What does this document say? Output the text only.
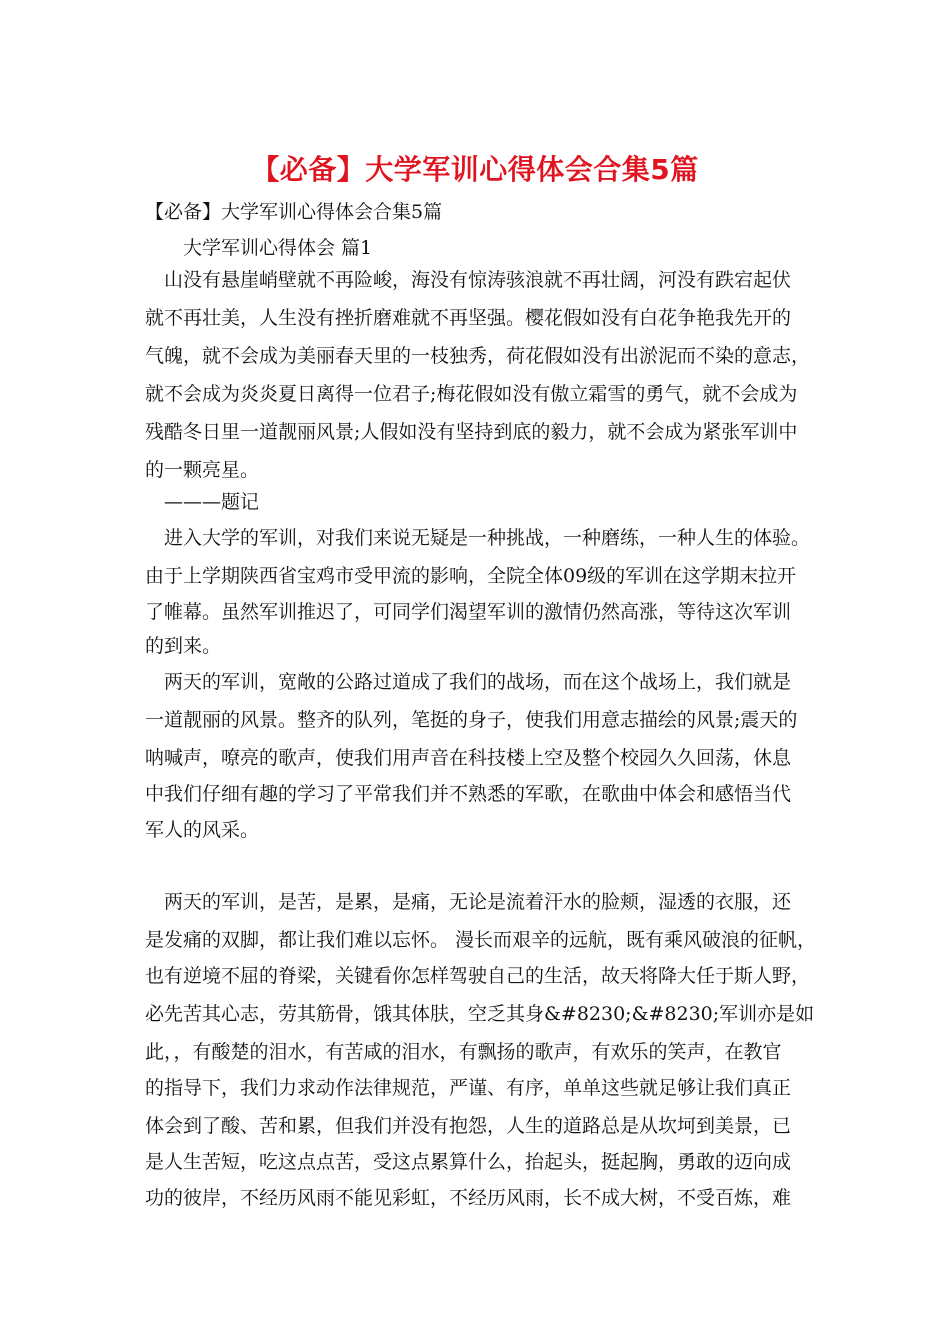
【必备】大学军训心得体会合集5篇
【必备】大学军训心得体会合集5篇
　　大学军训心得体会 篇1
　山没有悬崖峭壁就不再险峻，海没有惊涛骇浪就不再壮阔，河没有跌宕起伏
就不再壮美，人生没有挫折磨难就不再坚强。樱花假如没有白花争艳我先开的
气魄，就不会成为美丽春天里的一枝独秀，荷花假如没有出淤泥而不染的意志，
就不会成为炎炎夏日离得一位君子;梅花假如没有傲立霜雪的勇气，就不会成为
残酷冬日里一道靓丽风景;人假如没有坚持到底的毅力，就不会成为紧张军训中
的一颗亮星。
　———题记
　进入大学的军训，对我们来说无疑是一种挑战，一种磨练，一种人生的体验。
由于上学期陕西省宝鸡市受甲流的影响，全院全体09级的军训在这学期末拉开
了帷幕。虽然军训推迟了，可同学们渴望军训的激情仍然高涨，等待这次军训
的到来。
　两天的军训，宽敞的公路过道成了我们的战场，而在这个战场上，我们就是
一道靓丽的风景。整齐的队列，笔挺的身子，使我们用意志描绘的风景;震天的
呐喊声，嘹亮的歌声，使我们用声音在科技楼上空及整个校园久久回荡，休息
中我们仔细有趣的学习了平常我们并不熟悉的军歌，在歌曲中体会和感悟当代
军人的风采。
　两天的军训，是苦，是累，是痛，无论是流着汗水的脸颊，湿透的衣服，还
是发痛的双脚，都让我们难以忘怀。 漫长而艰辛的远航，既有乘风破浪的征帆，
也有逆境不屈的脊梁，关键看你怎样驾驶自己的生活，故天将降大任于斯人野，
必先苦其心志，劳其筋骨，饿其体肤，空乏其身&#8230;&#8230;军训亦是如
此，，有酸楚的泪水，有苦咸的泪水，有飘扬的歌声，有欢乐的笑声，在教官
的指导下，我们力求动作法律规范，严谨、有序，单单这些就足够让我们真正
体会到了酸、苦和累，但我们并没有抱怨，人生的道路总是从坎坷到美景，已
是人生苦短，吃这点点苦，受这点累算什么，抬起头，挺起胸，勇敢的迈向成
功的彼岸，不经历风雨不能见彩虹，不经历风雨，长不成大树，不受百炼，难
